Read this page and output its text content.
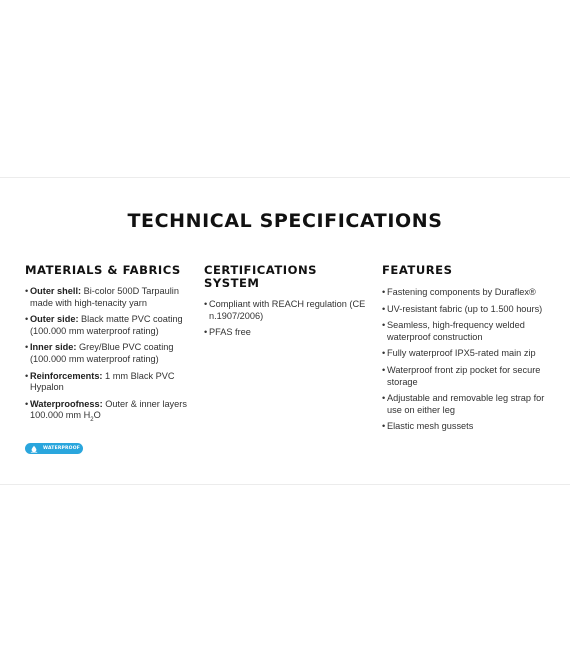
TECHNICAL SPECIFICATIONS
MATERIALS & FABRICS
• Outer shell: Bi-color 500D Tarpaulin made with high-tenacity yarn
• Outer side: Black matte PVC coating (100.000 mm waterproof rating)
• Inner side: Grey/Blue PVC coating (100.000 mm waterproof rating)
• Reinforcements: 1 mm Black PVC Hypalon
• Waterproofness: Outer & inner layers 100.000 mm $H_2O$
WATERPROOF
CERTIFICATIONS SYSTEM
• Compliant with REACH regulation (CE n.1907/2006)
• PFAS free
FEATURES
• Fastening components by Duraflex®
• UV-resistant fabric (up to 1.500 hours)
• Seamless, high-frequency welded waterproof construction
• Fully waterproof IPX5-rated main zip
• Waterproof front zip pocket for secure storage
• Adjustable and removable leg strap for use on either leg
• Elastic mesh gussets
